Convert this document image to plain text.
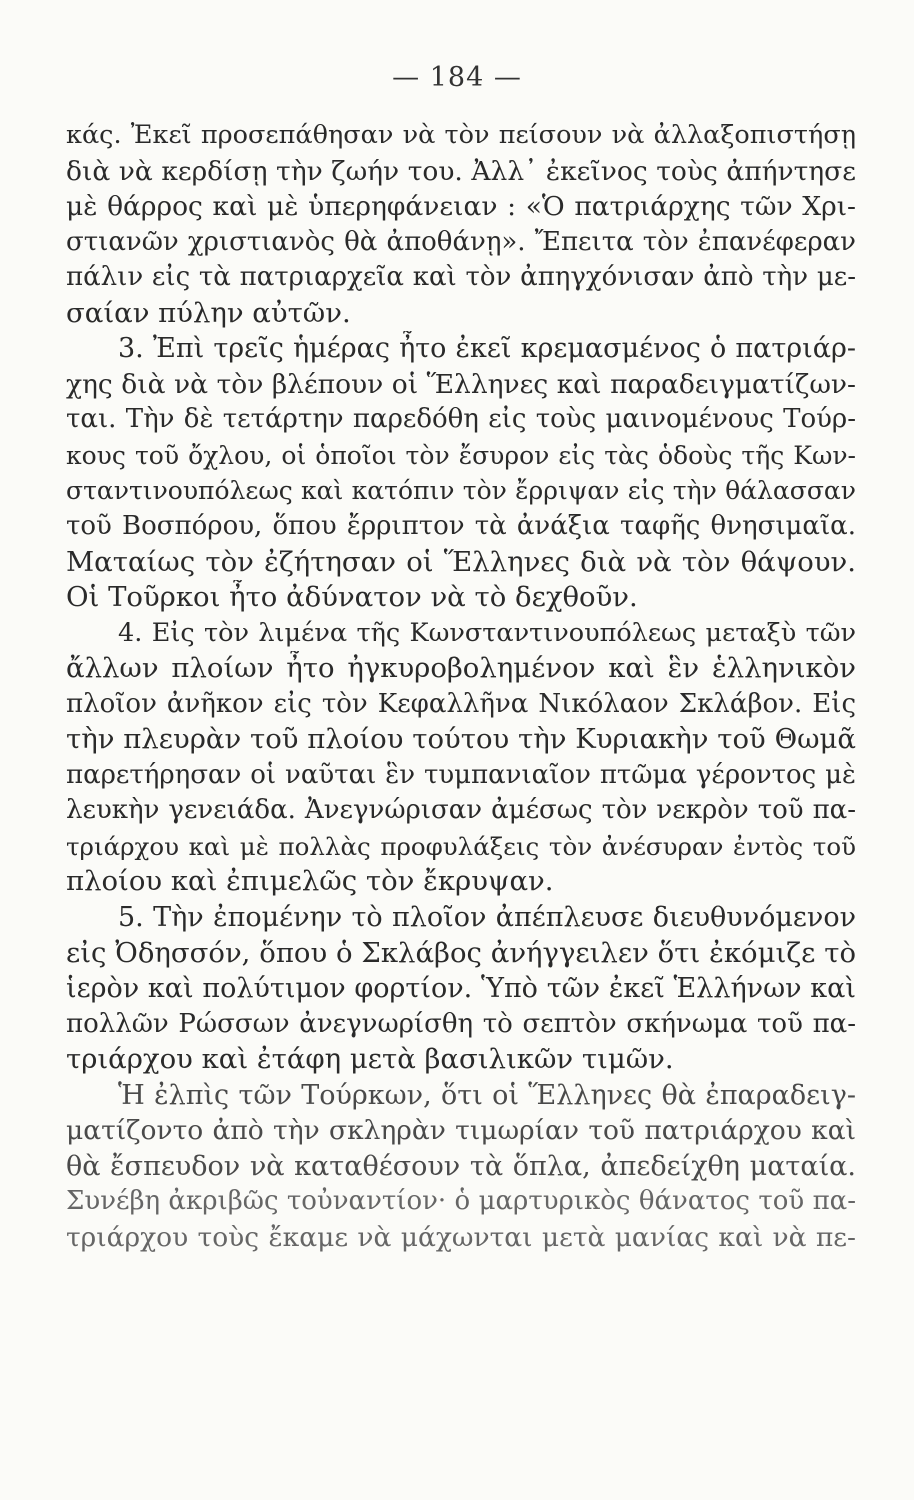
— 184 —
κάς. Ἐκεῖ προσεπάθησαν νὰ τὸν πείσουν νὰ ἀλλαξοπιστήσῃ
διὰ νὰ κερδίσῃ τὴν ζωήν του. Ἀλλ᾽ ἐκεῖνος τοὺς ἀπήντησε
μὲ θάρρος καὶ μὲ ὑπερηφάνειαν : «Ὁ πατριάρχης τῶν Χρι-
στιανῶν χριστιανὸς θὰ ἀποθάνῃ». Ἔπειτα τὸν ἐπανέφεραν
πάλιν εἰς τὰ πατριαρχεῖα καὶ τὸν ἀπηγχόνισαν ἀπὸ τὴν με-
σαίαν πύλην αὐτῶν.
3. Ἐπὶ τρεῖς ἡμέρας ἦτο ἐκεῖ κρεμασμένος ὁ πατριάρ-
χης διὰ νὰ τὸν βλέπουν οἱ Ἕλληνες καὶ παραδειγματίζων-
ται. Τὴν δὲ τετάρτην παρεδόθη εἰς τοὺς μαινομένους Τούρ-
κους τοῦ ὄχλου, οἱ ὁποῖοι τὸν ἔσυρον εἰς τὰς ὁδοὺς τῆς Κων-
σταντινουπόλεως καὶ κατόπιν τὸν ἔρριψαν εἰς τὴν θάλασσαν
τοῦ Βοσπόρου, ὅπου ἔρριπτον τὰ ἀνάξια ταφῆς θνησιμαῖα.
Ματαίως τὸν ἐζήτησαν οἱ Ἕλληνες διὰ νὰ τὸν θάψουν.
Οἱ Τοῦρκοι ἦτο ἀδύνατον νὰ τὸ δεχθοῦν.
4. Εἰς τὸν λιμένα τῆς Κωνσταντινουπόλεως μεταξὺ τῶν
ἄλλων πλοίων ἦτο ἠγκυροβολημένον καὶ ἓν ἑλληνικὸν
πλοῖον ἀνῆκον εἰς τὸν Κεφαλλῆνα Νικόλαον Σκλάβον. Εἰς
τὴν πλευρὰν τοῦ πλοίου τούτου τὴν Κυριακὴν τοῦ Θωμᾶ
παρετήρησαν οἱ ναῦται ἓν τυμπανιαῖον πτῶμα γέροντος μὲ
λευκὴν γενειάδα. Ἀνεγνώρισαν ἀμέσως τὸν νεκρὸν τοῦ πα-
τριάρχου καὶ μὲ πολλὰς προφυλάξεις τὸν ἀνέσυραν ἐντὸς τοῦ
πλοίου καὶ ἐπιμελῶς τὸν ἔκρυψαν.
5. Τὴν ἐπομένην τὸ πλοῖον ἀπέπλευσε διευθυνόμενον
εἰς Ὀδησσόν, ὅπου ὁ Σκλάβος ἀνήγγειλεν ὅτι ἐκόμιζε τὸ
ἱερὸν καὶ πολύτιμον φορτίον. Ὑπὸ τῶν ἐκεῖ Ἑλλήνων καὶ
πολλῶν Ρώσσων ἀνεγνωρίσθη τὸ σεπτὸν σκήνωμα τοῦ πα-
τριάρχου καὶ ἐτάφη μετὰ βασιλικῶν τιμῶν.
Ἡ ἐλπὶς τῶν Τούρκων, ὅτι οἱ Ἕλληνες θὰ ἐπαραδειγ-
ματίζοντο ἀπὸ τὴν σκληρὰν τιμωρίαν τοῦ πατριάρχου καὶ
θὰ ἔσπευδον νὰ καταθέσουν τὰ ὅπλα, ἀπεδείχθη ματαία.
Συνέβη ἀκριβῶς τοὐναντίον· ὁ μαρτυρικὸς θάνατος τοῦ πα-
τριάρχου τοὺς ἔκαμε νὰ μάχωνται μετὰ μανίας καὶ νὰ πε-
